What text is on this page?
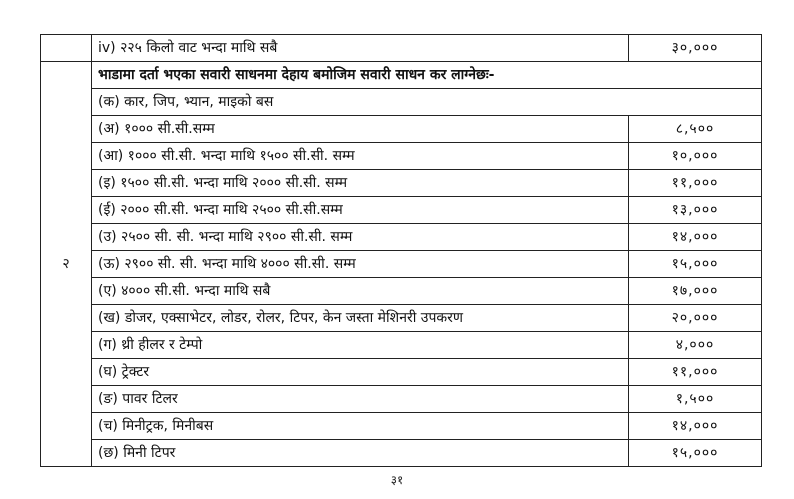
	iv) २२५ किलो वाट भन्दा माथि सबै	३०,०००
२	भाडामा दर्ता भएका सवारी साधनमा देहाय बमोजिम सवारी साधन कर लाग्नेछः-	
	(क) कार, जिप, भ्यान, माइको बस	
	(अ) १००० सी.सी.सम्म	८,५००
	(आ) १००० सी.सी. भन्दा माथि १५०० सी.सी. सम्म	१०,०००
	(इ) १५०० सी.सी. भन्दा माथि २००० सी.सी. सम्म	११,०००
	(ई) २००० सी.सी. भन्दा माथि २५०० सी.सी.सम्म	१३,०००
	(उ) २५०० सी. सी. भन्दा माथि २९०० सी.सी. सम्म	१४,०००
	(ऊ) २९०० सी. सी. भन्दा माथि ४००० सी.सी. सम्म	१५,०००
	(ए) ४००० सी.सी. भन्दा माथि सबै	१७,०००
	(ख) डोजर, एक्साभेटर, लोडर, रोलर, टिपर, केन जस्ता मेशिनरी उपकरण	२०,०००
	(ग) थ्री हीलर र टेम्पो	४,०००
	(घ) ट्रेक्टर	११,०००
	(ङ) पावर टिलर	१,५००
	(च) मिनीट्रक, मिनीबस	१४,०००
	(छ) मिनी टिपर	१५,०००
३१
